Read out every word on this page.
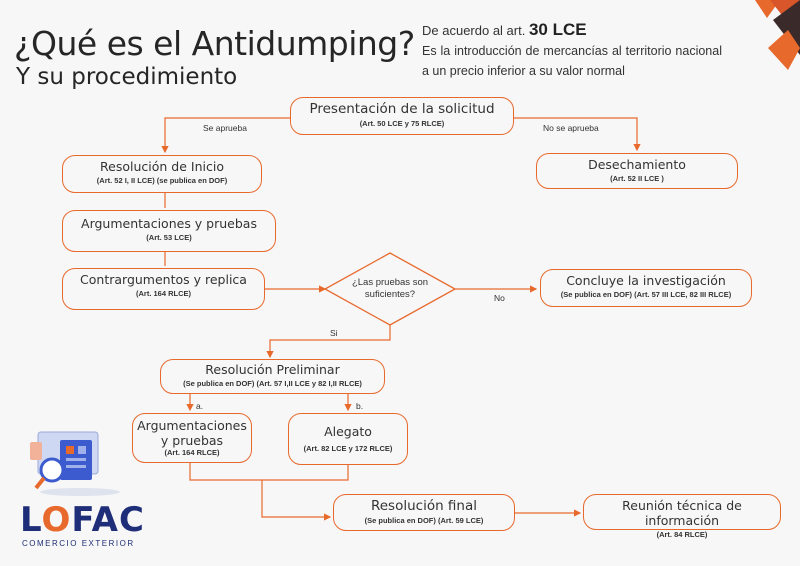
¿Qué es el Antidumping?
Y su procedimiento
De acuerdo al art. 30 LCE
Es la introducción de mercancías al territorio nacional a un precio inferior a su valor normal
Se aprueba	No se aprueba
No
Si
a.	b.
Presentación de la solicitud
(Art. 50 LCE y 75 RLCE)
Resolución de Inicio
(Art. 52 I, II LCE) (se publica en DOF)
Desechamiento
(Art. 52 II LCE )
Argumentaciones y pruebas
(Art. 53 LCE)
Contrargumentos y replica
(Art. 164 RLCE)
¿Las pruebas son suficientes?
Concluye la investigación
(Se publica en DOF) (Art. 57 III LCE, 82 III RLCE)
Resolución Preliminar
(Se publica en DOF) (Art. 57 I,II LCE y 82 I,II RLCE)
Argumentaciones y pruebas
(Art. 164 RLCE)
Alegato
(Art. 82 LCE y 172 RLCE)
Resolución final
(Se publica en DOF) (Art. 59 LCE)
Reunión técnica de información
(Art. 84 RLCE)
LOFAC
COMERCIO EXTERIOR
